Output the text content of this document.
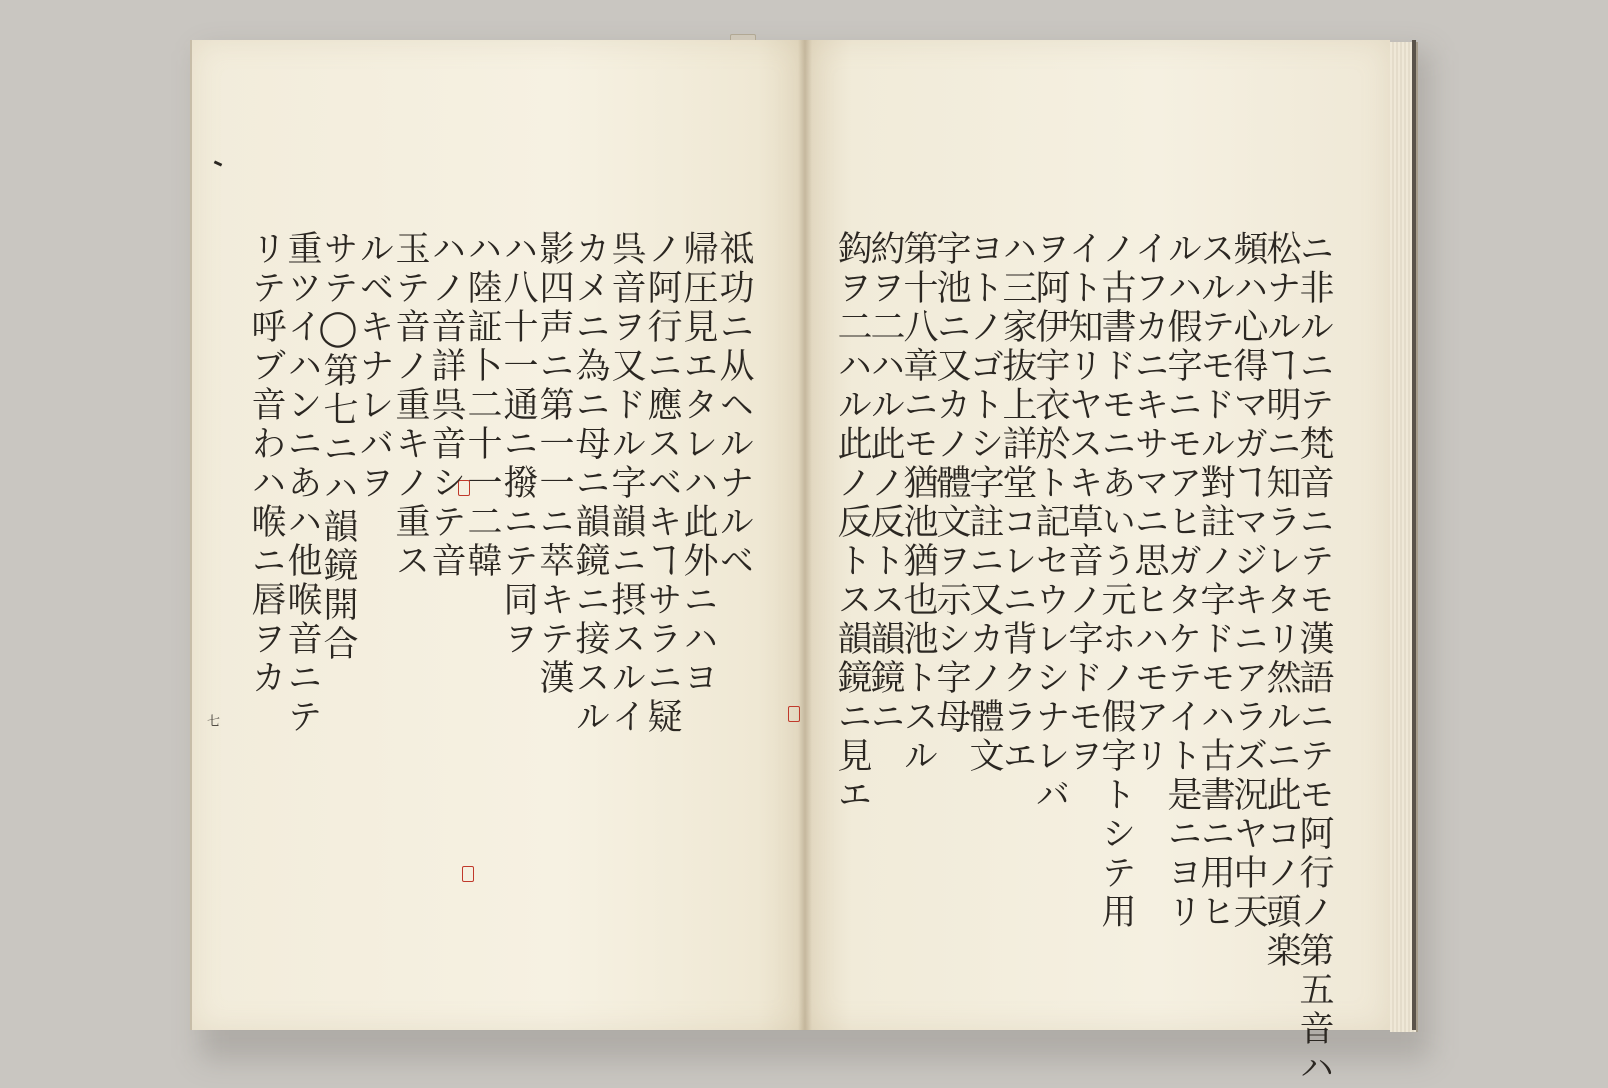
七
祗功ニ从ヘルナルベ
帰圧見エタレハ此外ニハヨ
ノ阿行ニ應スベキヿサラニ疑
呉音ヲ又ドル字韻ニ摂スルイ
カメニ為ニ母ニ韻鏡ニ接スル
影四声ニ第一一ニ萃キテ漢
ハ八十一通ニ撥ニテ同ヲ
ハ陸証卜二十一二韓
ハノ音詳呉音シテ音
玉テ音ノ重キノ重ス
ルベキナレバヲ
サテ◯第七ニハ韻鏡開合
重ツイハンニあハ他喉音ニテ
リテ呼ブ音わハ喉ニ唇ヲカ	ニ非ルニテ梵音ニテモ漢語ニテモ阿行ノ第五音ハ
松ナルヿ明ニ知ラレタリ然ルニ此コノ頭楽
頻ハ心得マガヿマジキニアラズ況ヤ中天
スルテモドル對註ノ字ドモハ古書ニ用ヒ
ルハ假字ニモアヒガタケテイト是ニヨリ
イフカニキサマニ思ヒハモアリ
ノ古書ドモニあいう元ホノ假字トシテ用
イト知リヤスキ草音ノ字ドモヲ
ヲ阿伊宇衣於ト記セウレシナレバ
ハ三家抜上詳堂コレニ背クラエ
ヨトノゴトシ字註ニ又カノ體文
字池ニ又カノ體文ヲ示シ字母
第十八章ニモ猶池猶也池トスル
約ヲ二ハル此ノ反トス韻鏡ニ
鈎ヲ二ハル此ノ反トス韻鏡ニ見エ
